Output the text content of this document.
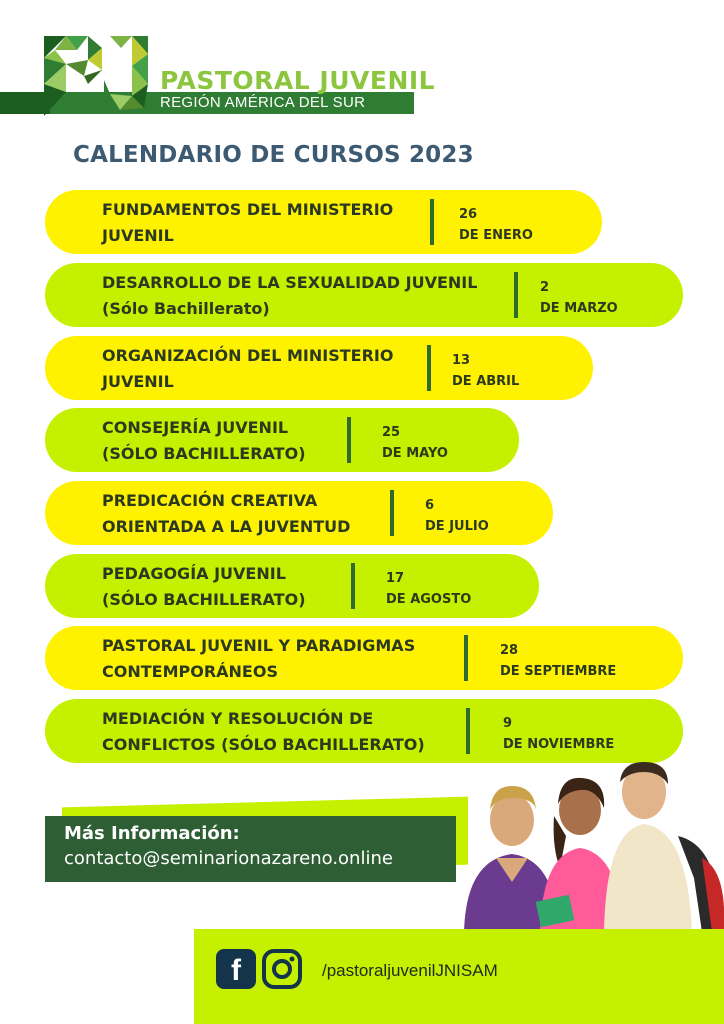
PASTORAL JUVENIL
REGIÓN AMÉRICA DEL SUR
CALENDARIO DE CURSOS 2023
FUNDAMENTOS DEL MINISTERIO
JUVENIL
26
DE ENERO
DESARROLLO DE LA SEXUALIDAD JUVENIL
(Sólo Bachillerato)
2
DE MARZO
ORGANIZACIÓN DEL MINISTERIO
JUVENIL
13
DE ABRIL
CONSEJERÍA JUVENIL
(SÓLO BACHILLERATO)
25
DE MAYO
PREDICACIÓN CREATIVA
ORIENTADA A LA JUVENTUD
6
DE JULIO
PEDAGOGÍA JUVENIL
(SÓLO BACHILLERATO)
17
DE AGOSTO
PASTORAL JUVENIL Y PARADIGMAS
CONTEMPORÁNEOS
28
DE SEPTIEMBRE
MEDIACIÓN Y RESOLUCIÓN DE
CONFLICTOS (SÓLO BACHILLERATO)
9
DE NOVIEMBRE
Más Información:
contacto@seminarionazareno.online
f	/pastoraljuvenilJNISAM
